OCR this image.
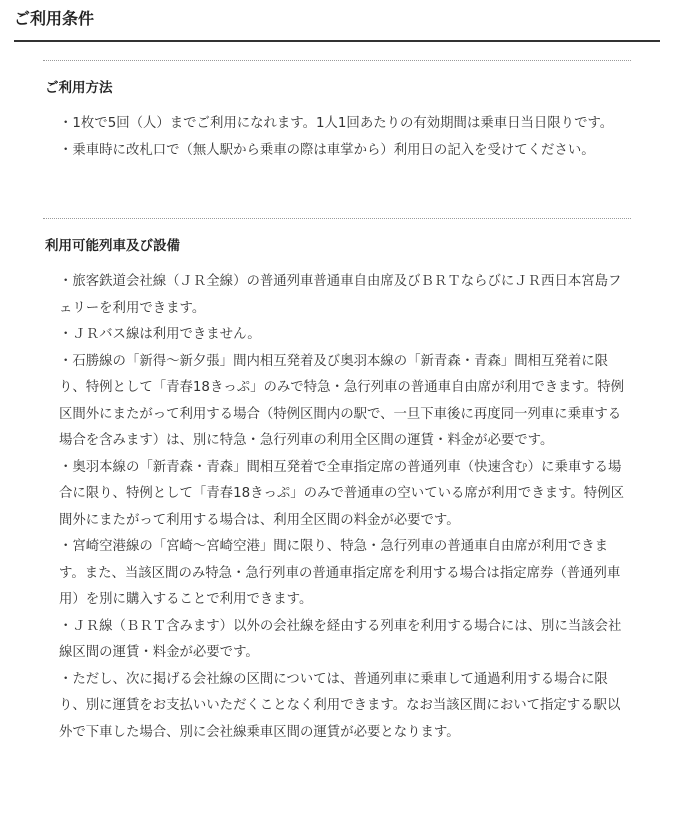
ご利用条件
ご利用方法
・1枚で5回（人）までご利用になれます。1人1回あたりの有効期間は乗車日当日限りです。
・乗車時に改札口で（無人駅から乗車の際は車掌から）利用日の記入を受けてください。
利用可能列車及び設備
・旅客鉄道会社線（ＪＲ全線）の普通列車普通車自由席及びＢＲＴならびにＪＲ西日本宮島フェリーを利用できます。
・ＪＲバス線は利用できません。
・石勝線の「新得～新夕張」間内相互発着及び奥羽本線の「新青森・青森」間相互発着に限り、特例として「青春18きっぷ」のみで特急・急行列車の普通車自由席が利用できます。特例区間外にまたがって利用する場合（特例区間内の駅で、一旦下車後に再度同一列車に乗車する場合を含みます）は、別に特急・急行列車の利用全区間の運賃・料金が必要です。
・奥羽本線の「新青森・青森」間相互発着で全車指定席の普通列車（快速含む）に乗車する場合に限り、特例として「青春18きっぷ」のみで普通車の空いている席が利用できます。特例区間外にまたがって利用する場合は、利用全区間の料金が必要です。
・宮崎空港線の「宮崎～宮崎空港」間に限り、特急・急行列車の普通車自由席が利用できます。また、当該区間のみ特急・急行列車の普通車指定席を利用する場合は指定席券（普通列車用）を別に購入することで利用できます。
・ＪＲ線（ＢＲＴ含みます）以外の会社線を経由する列車を利用する場合には、別に当該会社線区間の運賃・料金が必要です。
・ただし、次に掲げる会社線の区間については、普通列車に乗車して通過利用する場合に限り、別に運賃をお支払いいただくことなく利用できます。なお当該区間において指定する駅以外で下車した場合、別に会社線乗車区間の運賃が必要となります。
